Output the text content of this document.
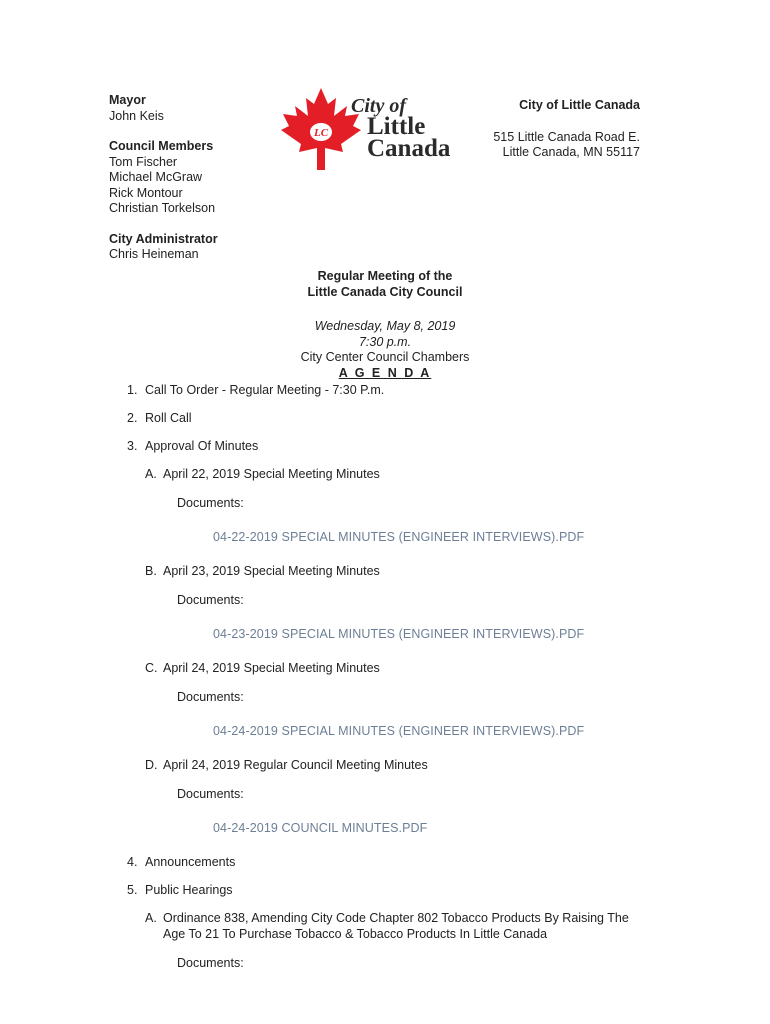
Mayor
John Keis
Council Members
Tom Fischer
Michael McGraw
Rick Montour
Christian Torkelson
City Administrator
Chris Heineman
LC
City of
Little
Canada
City of Little Canada
515 Little Canada Road E.
Little Canada, MN 55117
Regular Meeting of the
Little Canada City Council
Wednesday, May 8, 2019
7:30 p.m.
City Center Council Chambers
A G E N D A
1. Call To Order - Regular Meeting - 7:30 P.m.
2. Roll Call
3. Approval Of Minutes
A. April 22, 2019 Special Meeting Minutes
Documents:
04-22-2019 SPECIAL MINUTES (ENGINEER INTERVIEWS).PDF
B. April 23, 2019 Special Meeting Minutes
Documents:
04-23-2019 SPECIAL MINUTES (ENGINEER INTERVIEWS).PDF
C. April 24, 2019 Special Meeting Minutes
Documents:
04-24-2019 SPECIAL MINUTES (ENGINEER INTERVIEWS).PDF
D. April 24, 2019 Regular Council Meeting Minutes
Documents:
04-24-2019 COUNCIL MINUTES.PDF
4. Announcements
5. Public Hearings
A. Ordinance 838, Amending City Code Chapter 802 Tobacco Products By Raising The
Age To 21 To Purchase Tobacco & Tobacco Products In Little Canada
Documents:
